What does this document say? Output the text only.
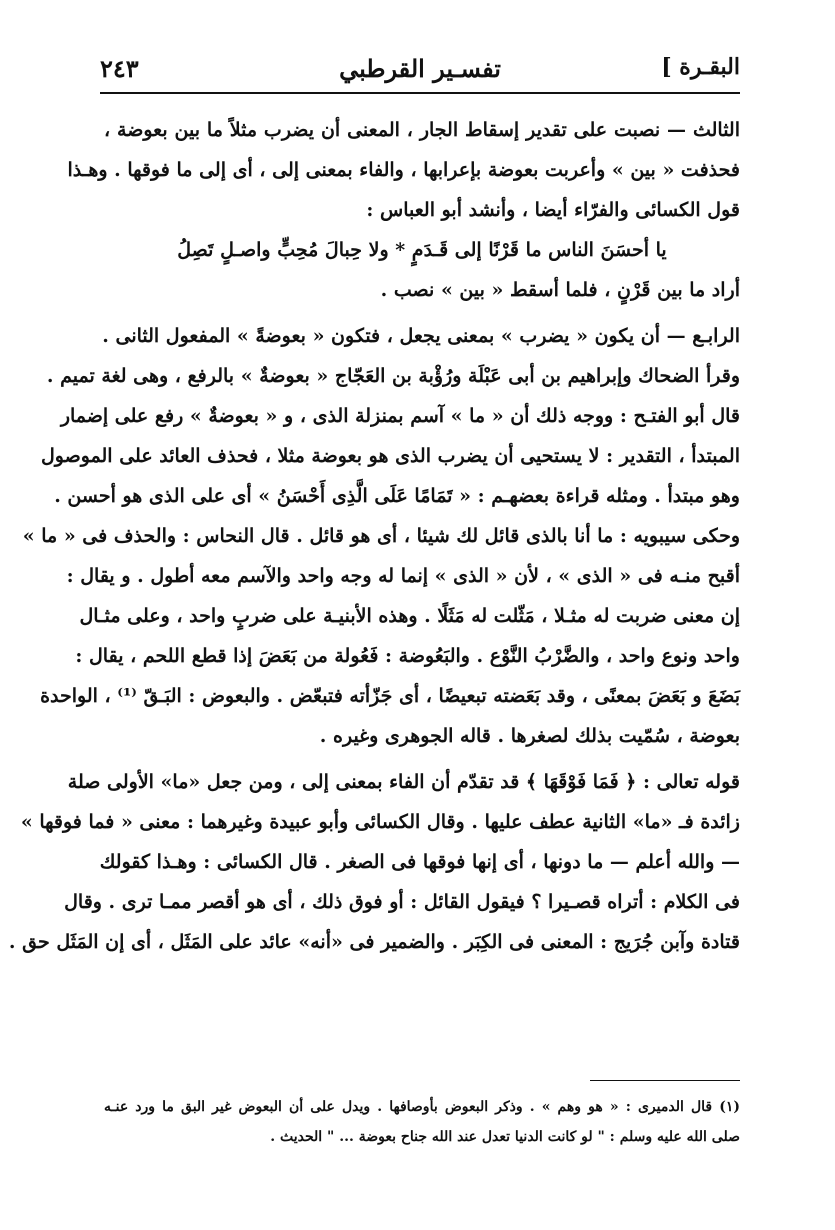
البقـرة ]
تفسـير القرطبي
٢٤٣
الثالث — نصبت على تقدير إسقاط الجار ، المعنى أن يضرب مثلاً ما بين بعوضة ،
فحذفت « بين » وأعربت بعوضة بإعرابها ، والفاء بمعنى إلى ، أى إلى ما فوقها . وهـذا
قول الكسائى والفرّاء أيضا ، وأنشد أبو العباس :
يا أحسَنَ الناس ما قَرْنًا إلى قَـدَمٍ * ولا حِبالَ مُحِبٍّ واصـلٍ تَصِلُ
أراد ما بين قَرْنٍ ، فلما أسقط « بين » نصب .
الرابـع — أن يكون « يضرب » بمعنى يجعل ، فتكون « بعوضةً » المفعول الثانى .
وقرأ الضحاك وإبراهيم بن أبى عَبْلَة ورُؤْبة بن العَجّاج « بعوضةٌ » بالرفع ، وهى لغة تميم .
قال أبو الفتـح : ووجه ذلك أن « ما » آسم بمنزلة الذى ، و « بعوضةٌ » رفع على إضمار
المبتدأ ، التقدير : لا يستحيى أن يضرب الذى هو بعوضة مثلا ، فحذف العائد على الموصول
وهو مبتدأ . ومثله قراءة بعضهـم : « تَمَامًا عَلَى الَّذِى أَحْسَنُ » أى على الذى هو أحسن .
وحكى سيبويه : ما أنا بالذى قائل لك شيئا ، أى هو قائل . قال النحاس : والحذف فى « ما »
أقبح منـه فى « الذى » ، لأن « الذى » إنما له وجه واحد والآسم معه أطول . و يقال :
إن معنى ضربت له مثـلا ، مَثّلت له مَثَلًا . وهذه الأبنيـة على ضربٍ واحد ، وعلى مثـال
واحد ونوع واحد ، والضَّرْبُ النَّوْع . والبَعُوضة : فَعُولة من بَعَضَ إذا قطع اللحم ، يقال :
بَضَعَ و بَعَضَ بمعنًى ، وقد بَعَضته تبعيضًا ، أى جَزّأته فتبعّض . والبعوض : البَـقّ ⁽¹⁾ ، الواحدة
بعوضة ، سُمّيت بذلك لصغرها . قاله الجوهرى وغيره .
قوله تعالى : ﴿ فَمَا فَوْقَهَا ﴾ قد تقدّم أن الفاء بمعنى إلى ، ومن جعل «ما» الأولى صلة
زائدة فـ «ما» الثانية عطف عليها . وقال الكسائى وأبو عبيدة وغيرهما : معنى « فما فوقها »
— والله أعلم — ما دونها ، أى إنها فوقها فى الصغر . قال الكسائى : وهـذا كقولك
فى الكلام : أتراه قصـيرا ؟ فيقول القائل : أو فوق ذلك ، أى هو أقصر ممـا ترى . وقال
قتادة وآبن جُرَيج : المعنى فى الكِبَر . والضمير فى «أنه» عائد على المَثَل ، أى إن المَثَل حق .
(١) قال الدميرى : « هو وهم » . وذكر البعوض بأوصافها . ويدل على أن البعوض غير البق ما ورد عنـه
صلى الله عليه وسلم : " لو كانت الدنيا تعدل عند الله جناح بعوضة ... " الحديث .
